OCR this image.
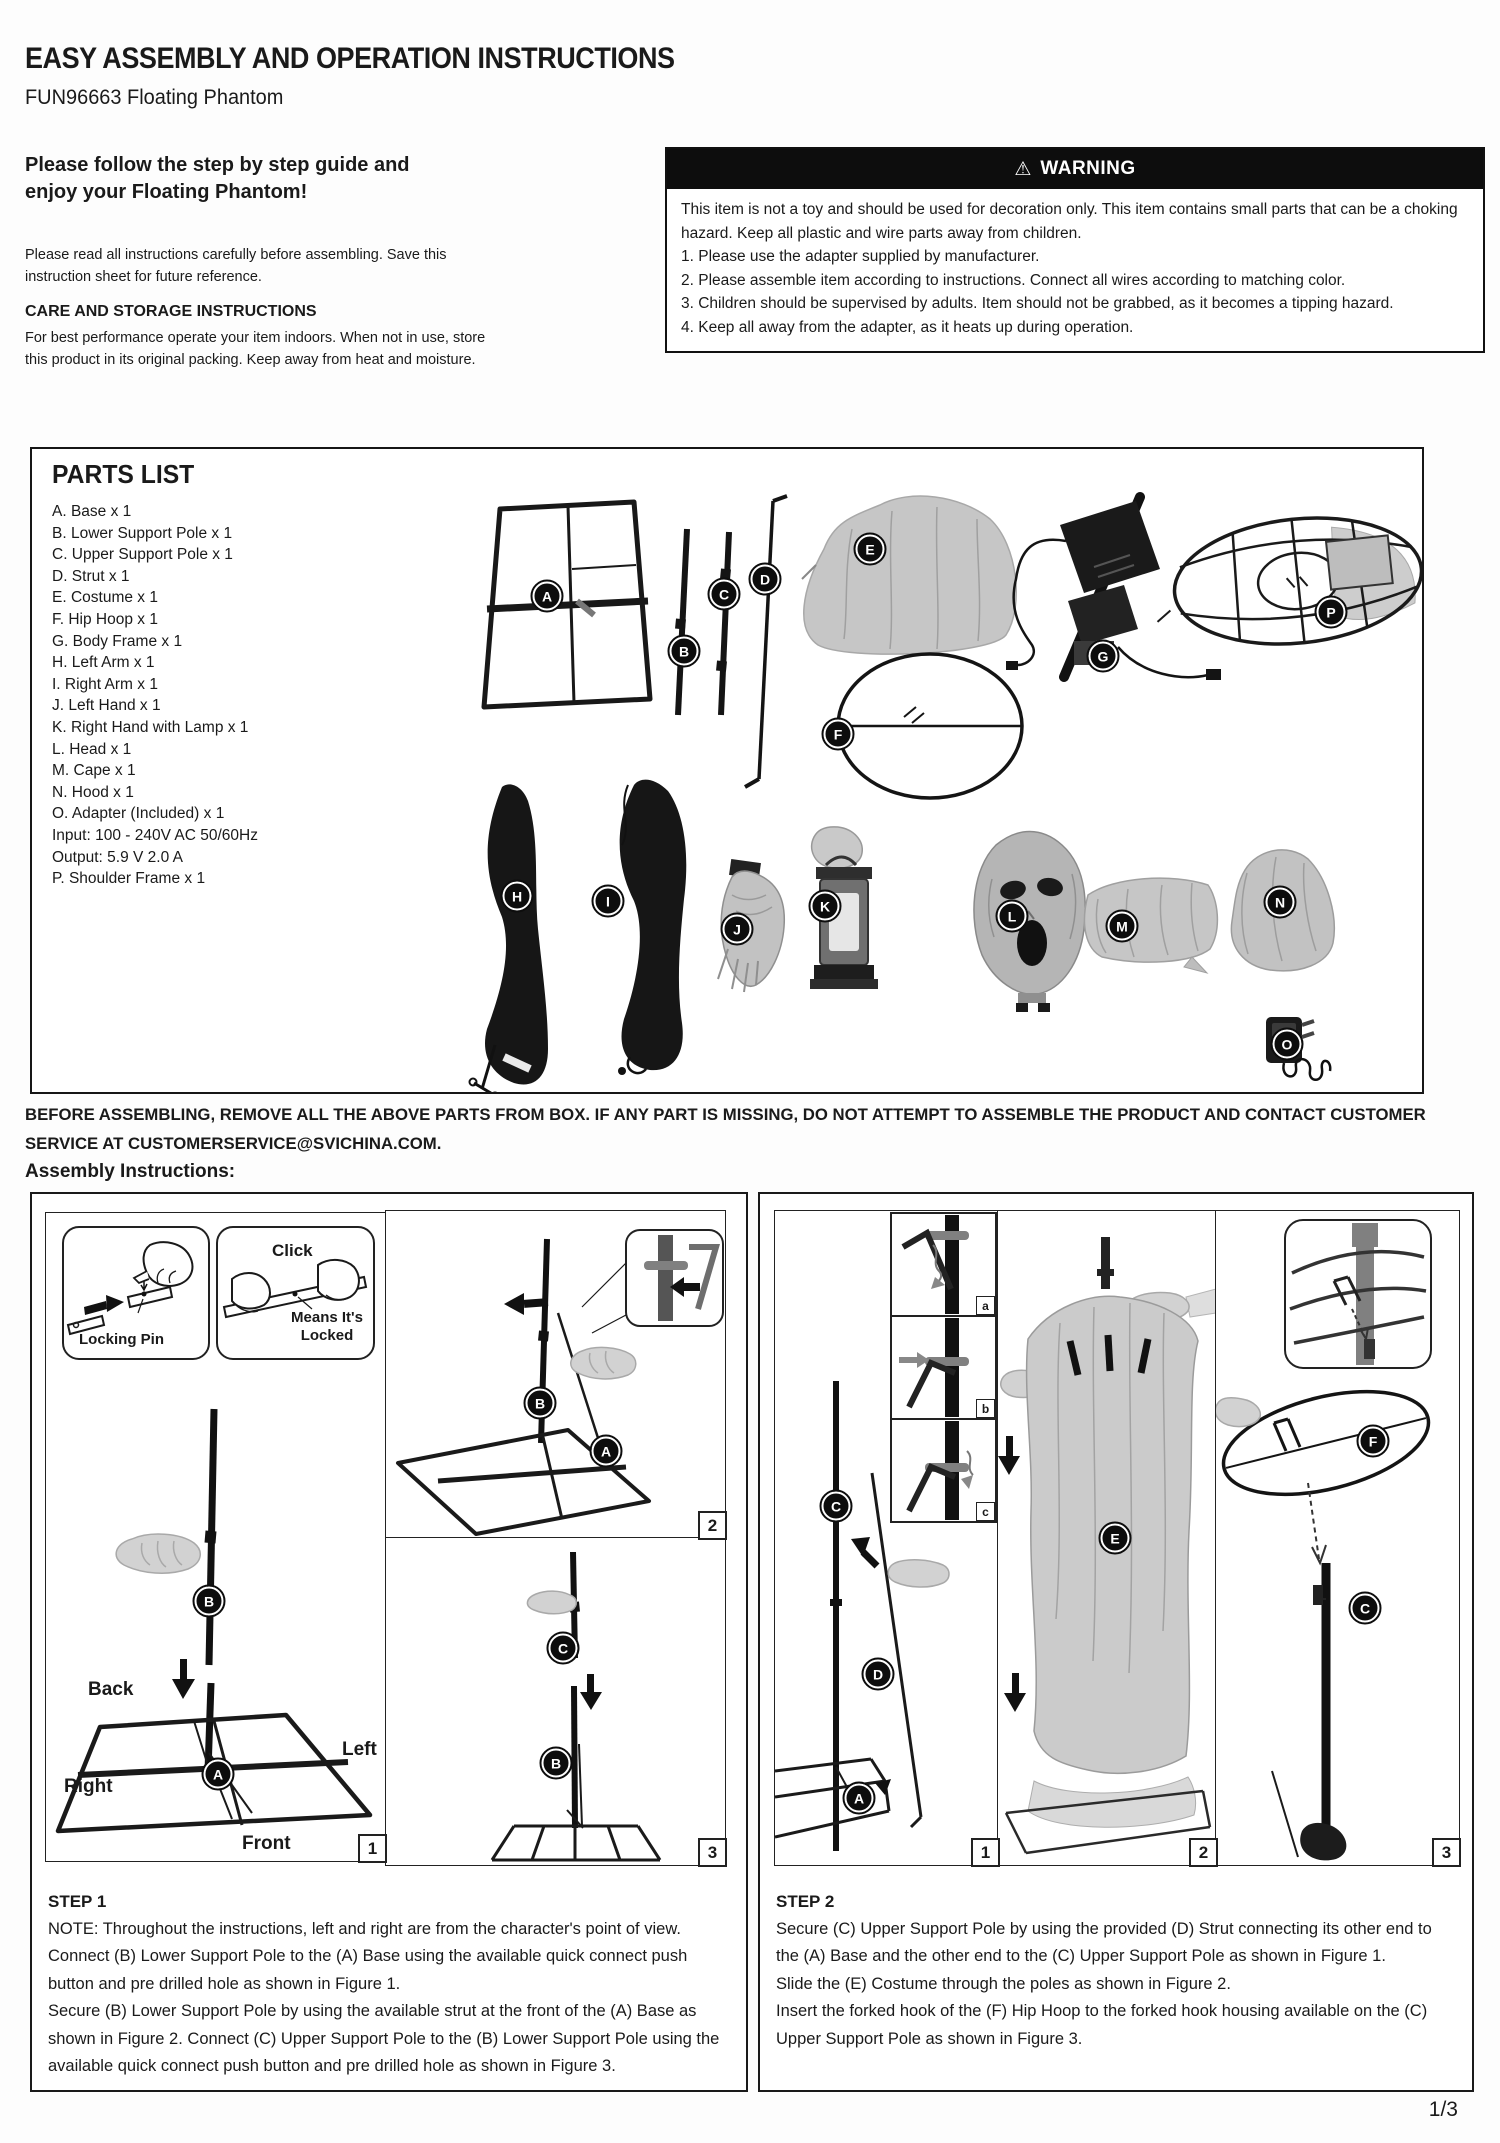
EASY ASSEMBLY AND OPERATION INSTRUCTIONS
FUN96663 Floating Phantom
Please follow the step by step guide and enjoy your Floating Phantom!

Please read all instructions carefully before assembling. Save this instruction sheet for future reference.

CARE AND STORAGE INSTRUCTIONS

For best performance operate your item indoors. When not in use, store this product in its original packing. Keep away from heat and moisture.

⚠ WARNING

This item is not a toy and should be used for decoration only. This item contains small parts that can be a choking hazard. Keep all plastic and wire parts away from children.

1. Please use the adapter supplied by manufacturer.

2. Please assemble item according to instructions. Connect all wires according to matching color.

3. Children should be supervised by adults. Item should not be grabbed, as it becomes a tipping hazard.

4. Keep all away from the adapter, as it heats up during operation.

PARTS LIST
A. Base x 1
B. Lower Support Pole x 1
C. Upper Support Pole x 1
D. Strut x 1
E. Costume x 1
F. Hip Hoop x 1
G. Body Frame x 1
H. Left Arm x 1
I. Right Arm x 1
J. Left Hand x 1
K. Right Hand with Lamp x 1
L. Head x 1
M. Cape x 1
N. Hood x 1
O. Adapter (Included) x 1
Input: 100 - 240V AC 50/60Hz
Output: 5.9 V 2.0 A
P. Shoulder Frame x 1
A
B
C
D
E
F
G
P
H	I
J
K
L
M
N
O

BEFORE ASSEMBLING, REMOVE ALL THE ABOVE PARTS FROM BOX. IF ANY PART IS MISSING, DO NOT ATTEMPT TO ASSEMBLE THE PRODUCT AND CONTACT CUSTOMER SERVICE AT CUSTOMERSERVICE@SVICHINA.COM.

Assembly Instructions:
Locking Pin
Click
Means It's Locked
Back
Right
Left
Front
B
A
1
B
A
2
C
B
3
STEP 1

NOTE: Throughout the instructions, left and right are from the character's point of view.

Connect (B) Lower Support Pole to the (A) Base using the available quick connect push button and pre drilled hole as shown in Figure 1.

Secure (B) Lower Support Pole by using the available strut at the front of the (A) Base as shown in Figure 2. Connect (C) Upper Support Pole to the (B) Lower Support Pole using the available quick connect push button and pre drilled hole as shown in Figure 3.

a
b
c
C
D
A
1
E
2
F
C
3
STEP 2

Secure (C) Upper Support Pole by using the provided (D) Strut connecting its other end to the (A) Base and the other end to the (C) Upper Support Pole as shown in Figure 1.

Slide the (E) Costume through the poles as shown in Figure 2.

Insert the forked hook of the (F) Hip Hoop to the forked hook housing available on the (C) Upper Support Pole as shown in Figure 3.

1/3
